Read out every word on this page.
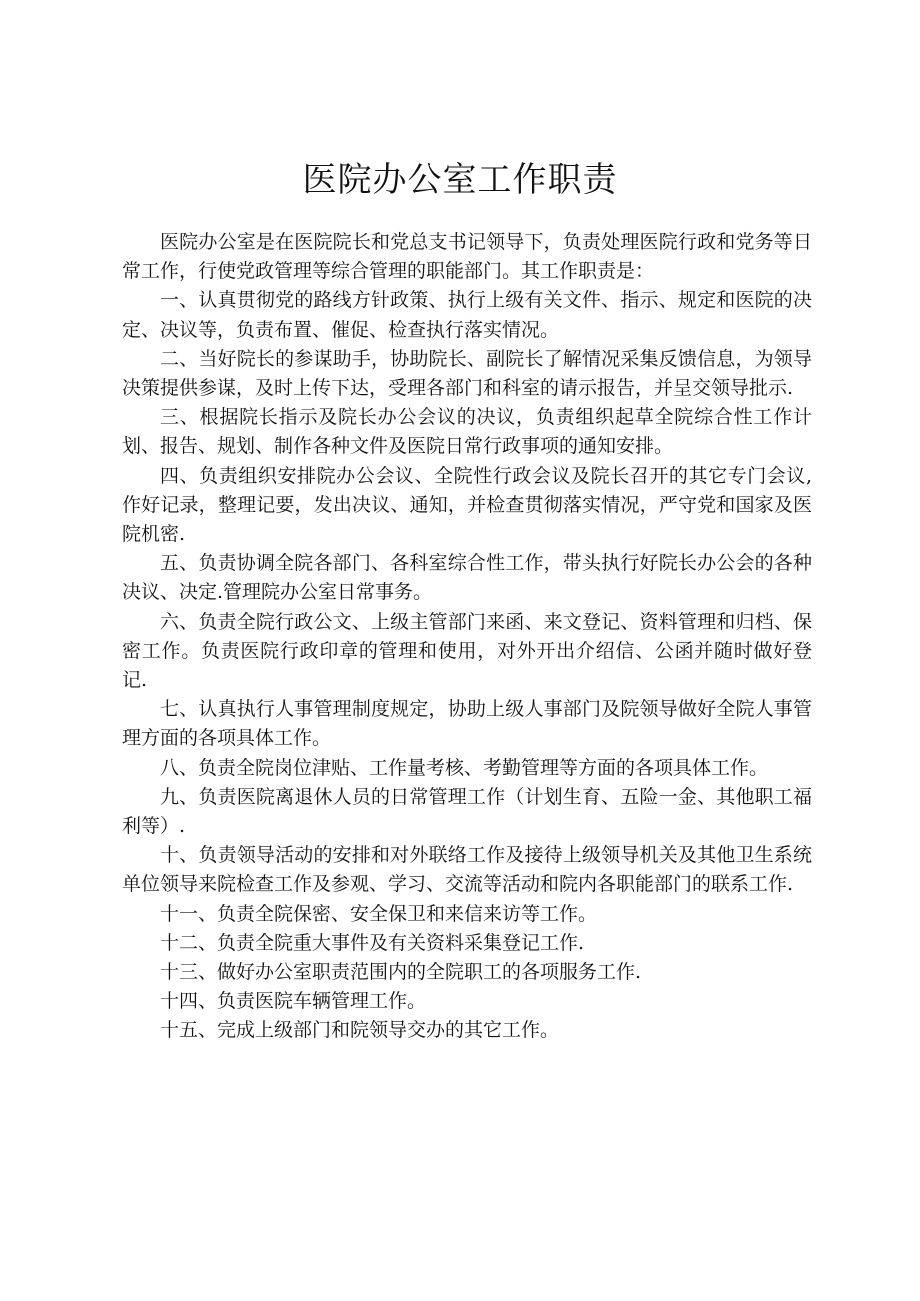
医院办公室工作职责

医院办公室是在医院院长和党总支书记领导下，负责处理医院行政和党务等日常工作，行使党政管理等综合管理的职能部门。其工作职责是：

一、认真贯彻党的路线方针政策、执行上级有关文件、指示、规定和医院的决定、决议等，负责布置、催促、检查执行落实情况。

二、当好院长的参谋助手，协助院长、副院长了解情况采集反馈信息，为领导决策提供参谋，及时上传下达，受理各部门和科室的请示报告，并呈交领导批示.

三、根据院长指示及院长办公会议的决议，负责组织起草全院综合性工作计划、报告、规划、制作各种文件及医院日常行政事项的通知安排。

四、负责组织安排院办公会议、全院性行政会议及院长召开的其它专门会议,作好记录，整理记要，发出决议、通知，并检查贯彻落实情况，严守党和国家及医院机密.

五、负责协调全院各部门、各科室综合性工作，带头执行好院长办公会的各种决议、决定.管理院办公室日常事务。

六、负责全院行政公文、上级主管部门来函、来文登记、资料管理和归档、保密工作。负责医院行政印章的管理和使用，对外开出介绍信、公函并随时做好登记.

七、认真执行人事管理制度规定，协助上级人事部门及院领导做好全院人事管理方面的各项具体工作。

八、负责全院岗位津贴、工作量考核、考勤管理等方面的各项具体工作。

九、负责医院离退休人员的日常管理工作（计划生育、五险一金、其他职工福利等）.

十、负责领导活动的安排和对外联络工作及接待上级领导机关及其他卫生系统单位领导来院检查工作及参观、学习、交流等活动和院内各职能部门的联系工作.

十一、负责全院保密、安全保卫和来信来访等工作。

十二、负责全院重大事件及有关资料采集登记工作.

十三、做好办公室职责范围内的全院职工的各项服务工作.

十四、负责医院车辆管理工作。

十五、完成上级部门和院领导交办的其它工作。
